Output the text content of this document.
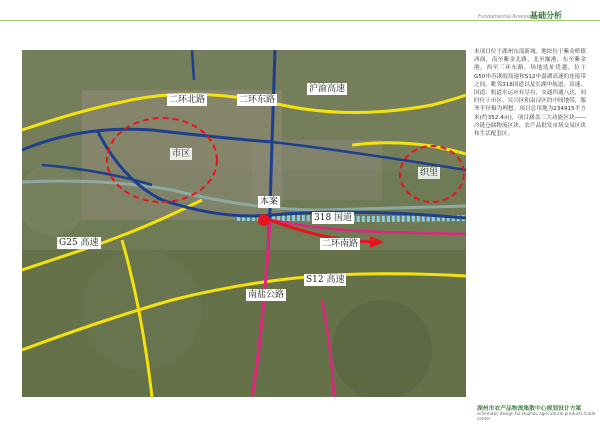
Fundamental Analysis
基础分析
二环北路	二环东路
沪渝高速
市区
织里
本案
G25 高速
318 国道
二环南路
S12 高速
南盐公路
本项目位于湖州东部新城。地块位于紫金桥镇西面，南至紫金北路，北至巅港，东至紫金港，西至三环东路。场地选址优越，位于G50申苏浙皖高速和S12申嘉湖高速的连接带之间，毗邻318国道以及长湖申航道。高速、国道、航道水运应有尽有，交通四通八达，同时位于市区、吴兴区和南浔区的中间地带，服务半径极为理想。项目总用地为234915平方米(约352.4亩)，项目涵盖三大功能区块——冷链仓储物流区块、农产品批发市场交易区块和生活配套区。
湖州市农产品物流集散中心规划设计方案
schematic design for Huzhou agricultural products trade center
